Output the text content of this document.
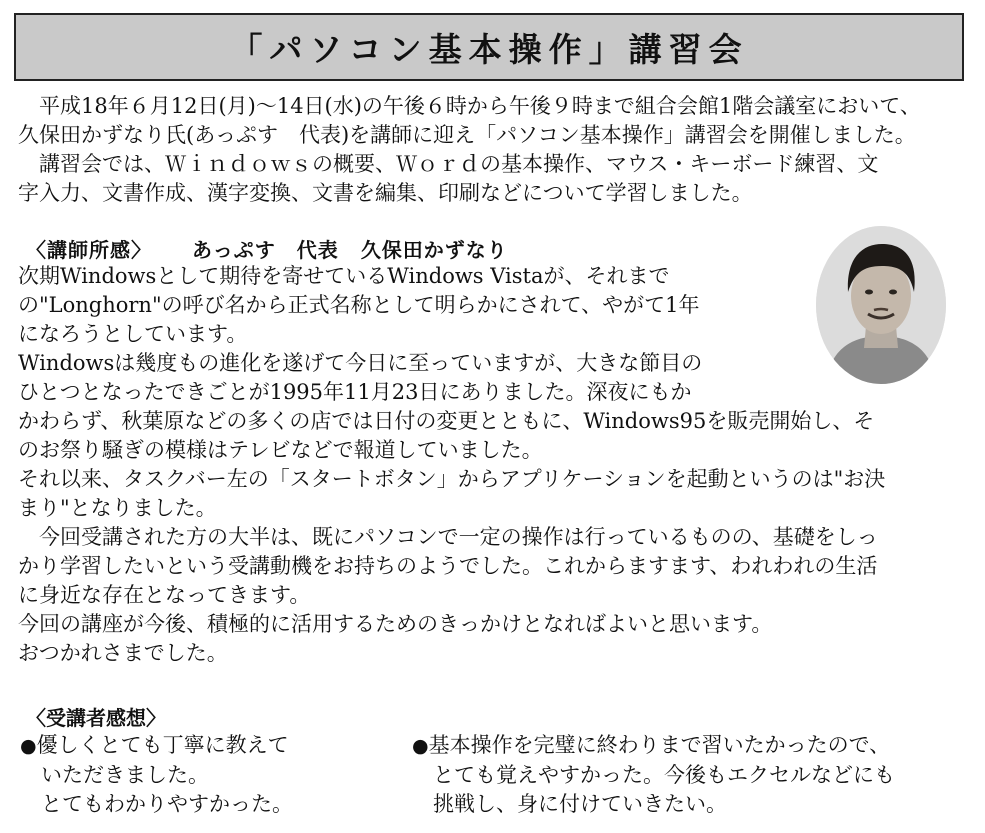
「パソコン基本操作」講習会

平成18年６月12日(月)～14日(水)の午後６時から午後９時まで組合会館1階会議室において、

久保田かずなり氏(あっぷす　代表)を講師に迎え「パソコン基本操作」講習会を開催しました。

講習会では、Ｗｉｎｄｏｗｓの概要、Ｗｏｒｄの基本操作、マウス・キーボード練習、文

字入力、文書作成、漢字変換、文書を編集、印刷などについて学習しました。

〈講師所感〉 あっぷす　代表 久保田かずなり

次期Windowsとして期待を寄せているWindows Vistaが、それまで

の"Longhorn"の呼び名から正式名称として明らかにされて、やがて1年

になろうとしています。

Windowsは幾度もの進化を遂げて今日に至っていますが、大きな節目の

ひとつとなったできごとが1995年11月23日にありました。深夜にもか

かわらず、秋葉原などの多くの店では日付の変更とともに、Windows95を販売開始し、そ

のお祭り騒ぎの模様はテレビなどで報道していました。

それ以来、タスクバー左の「スタートボタン」からアプリケーションを起動というのは"お決

まり"となりました。

今回受講された方の大半は、既にパソコンで一定の操作は行っているものの、基礎をしっ

かり学習したいという受講動機をお持ちのようでした。これからますます、われわれの生活

に身近な存在となってきます。

今回の講座が今後、積極的に活用するためのきっかけとなればよいと思います。

おつかれさまでした。

〈受講者感想〉

●優しくとても丁寧に教えて

いただきました。

とてもわかりやすかった。

●基本操作を完璧に終わりまで習いたかったので、

とても覚えやすかった。今後もエクセルなどにも

挑戦し、身に付けていきたい。
